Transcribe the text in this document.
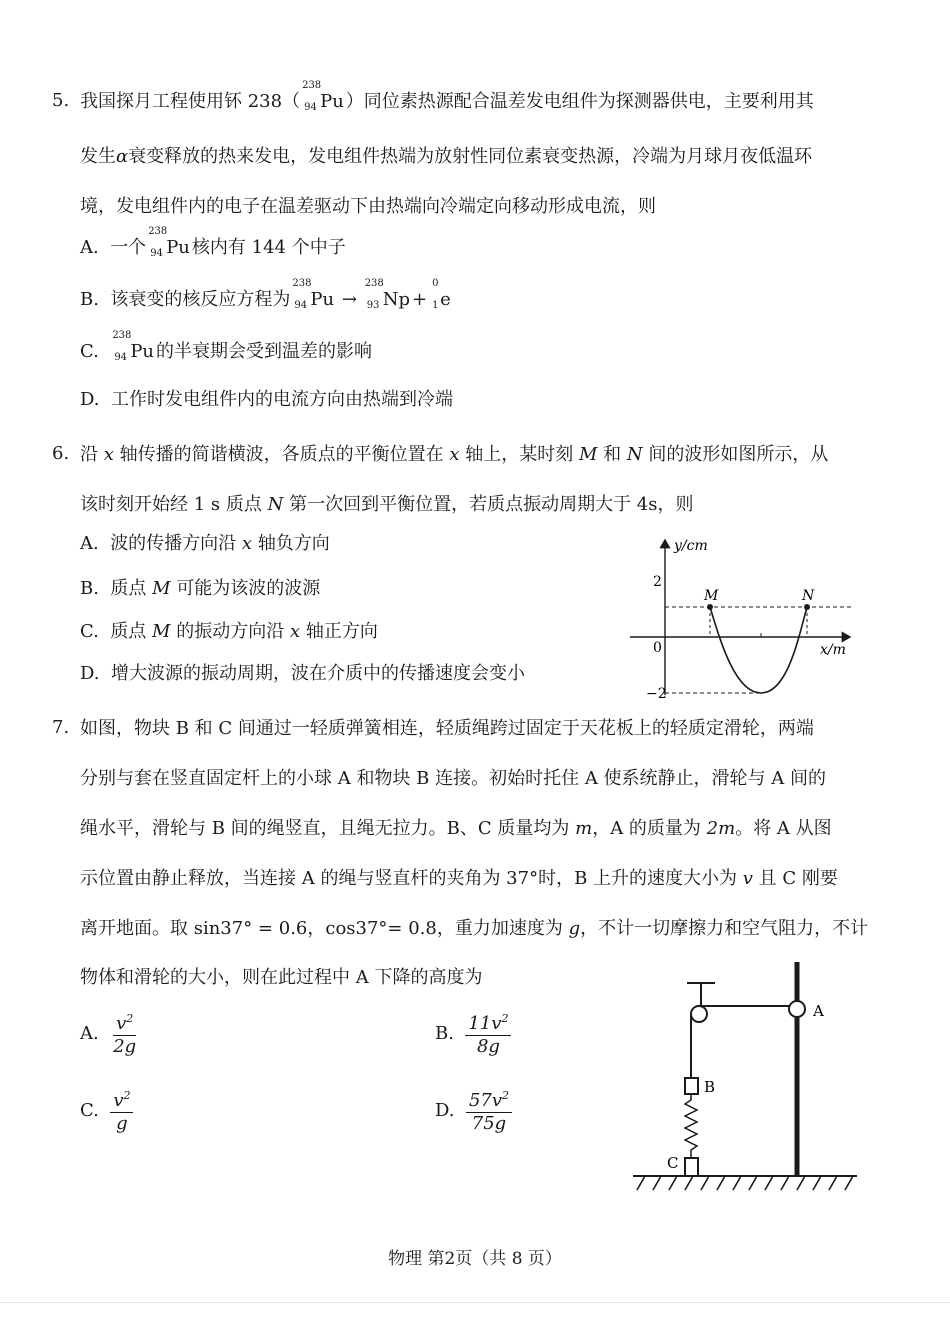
5. 我国探月工程使用钚 238（
238
94 Pu ）同位素热源配合温差发电组件为探测器供电，主要利用其
发生α衰变释放的热来发电，发电组件热端为放射性同位素衰变热源，冷端为月球月夜低温环
境，发电组件内的电子在温差驱动下由热端向冷端定向移动形成电流，则
A. 一个
238
94 Pu 核内有 144 个中子
B. 该衰变的核反应方程为
238
94 Pu →
238
93 Np +
0
1 e
C.
238
94 Pu 的半衰期会受到温差的影响
D. 工作时发电组件内的电流方向由热端到冷端
6. 沿 x 轴传播的简谐横波，各质点的平衡位置在 x 轴上，某时刻 M 和 N 间的波形如图所示，从
该时刻开始经 1 s 质点 N 第一次回到平衡位置，若质点振动周期大于 4s，则
A. 波的传播方向沿 x 轴负方向
B. 质点 M 可能为该波的波源
C. 质点 M 的振动方向沿 x 轴正方向
D. 增大波源的振动周期，波在介质中的传播速度会变小
y/cm
x/m
0
2
−2
M	N
7. 如图，物块 B 和 C 间通过一轻质弹簧相连，轻质绳跨过固定于天花板上的轻质定滑轮，两端
分别与套在竖直固定杆上的小球 A 和物块 B 连接。初始时托住 A 使系统静止，滑轮与 A 间的
绳水平，滑轮与 B 间的绳竖直，且绳无拉力。B、C 质量均为 m，A 的质量为 2m。将 A 从图
示位置由静止释放，当连接 A 的绳与竖直杆的夹角为 37°时，B 上升的速度大小为 v 且 C 刚要
离开地面。取 sin37° = 0.6，cos37°= 0.8，重力加速度为 g，不计一切摩擦力和空气阻力，不计
物体和滑轮的大小，则在此过程中 A 下降的高度为
A. $\frac{v^2}{2g}$	B. $\frac{11v^2}{8g}$
C. $\frac{v^2}{g}$	D. $\frac{57v^2}{75g}$
A
B
C
物理 第2页（共 8 页）
